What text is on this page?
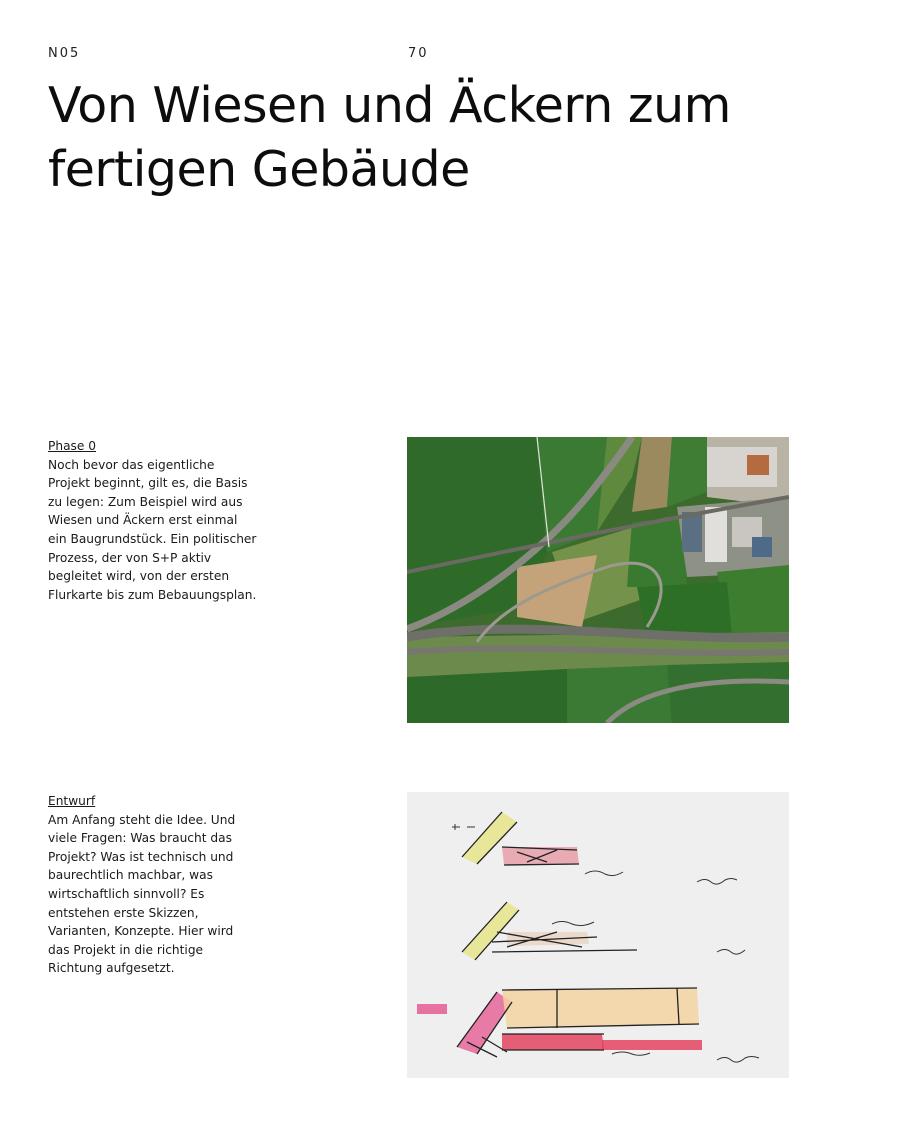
N05	70
Von Wiesen und Äckern zum fertigen Gebäude
Phase 0
Noch bevor das eigentliche Projekt beginnt, gilt es, die Basis zu legen: Zum Beispiel wird aus Wiesen und Äckern erst einmal ein Baugrundstück. Ein politischer Prozess, der von S+P aktiv begleitet wird, von der ersten Flurkarte bis zum Bebauungsplan.
Entwurf
Am Anfang steht die Idee. Und viele Fragen: Was braucht das Projekt? Was ist technisch und baurechtlich machbar, was wirtschaftlich sinnvoll? Es entstehen erste Skizzen, Varianten, Konzepte. Hier wird das Projekt in die richtige Richtung aufgesetzt.
